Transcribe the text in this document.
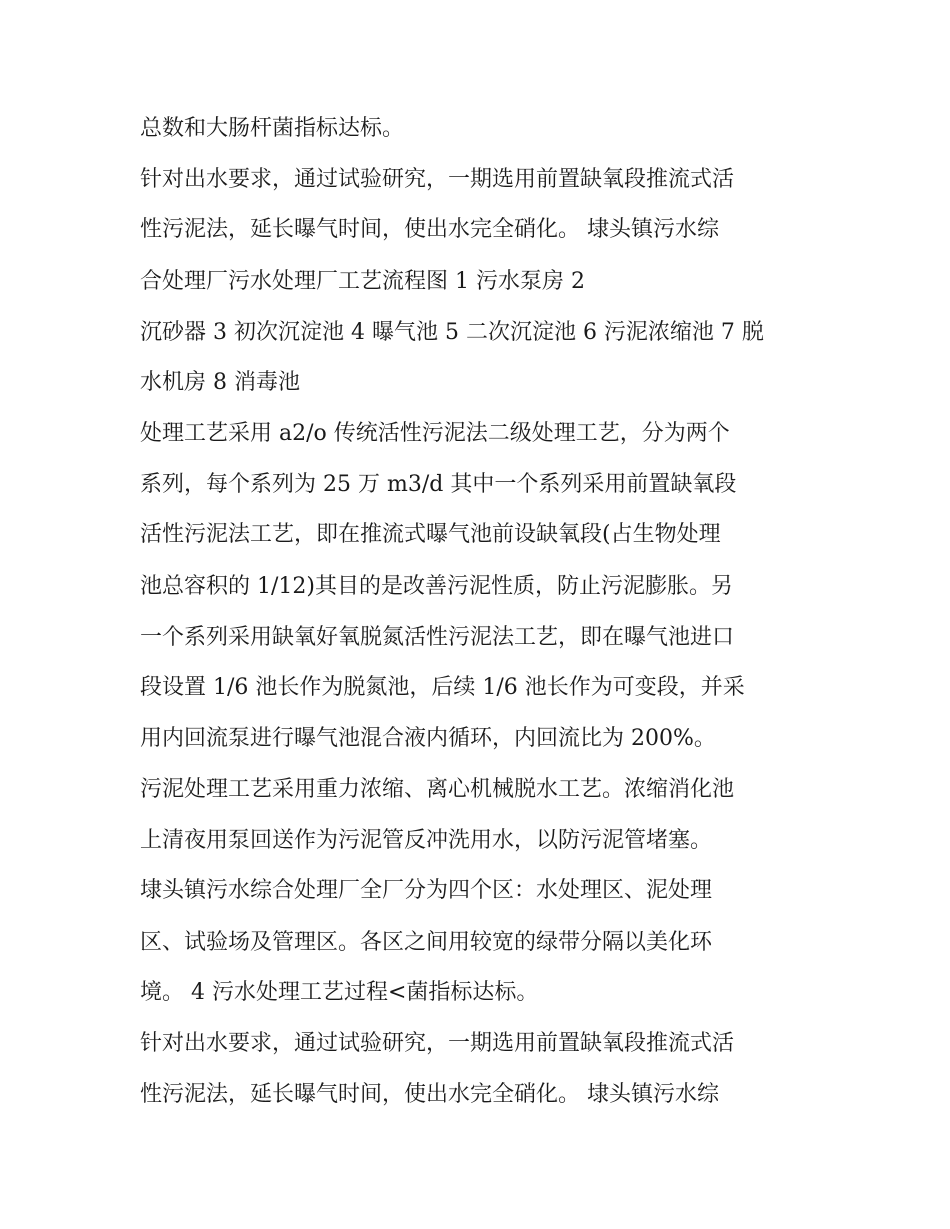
总数和大肠杆菌指标达标。
针对出水要求，通过试验研究，一期选用前置缺氧段推流式活
性污泥法，延长曝气时间，使出水完全硝化。 埭头镇污水综
合处理厂污水处理厂工艺流程图 1 污水泵房 2
沉砂器 3 初次沉淀池 4 曝气池 5 二次沉淀池 6 污泥浓缩池 7 脱
水机房 8 消毒池
处理工艺采用 a2/o 传统活性污泥法二级处理工艺，分为两个
系列，每个系列为 25 万 m3/d 其中一个系列采用前置缺氧段
活性污泥法工艺，即在推流式曝气池前设缺氧段(占生物处理
池总容积的 1/12)其目的是改善污泥性质，防止污泥膨胀。另
一个系列采用缺氧好氧脱氮活性污泥法工艺，即在曝气池进口
段设置 1/6 池长作为脱氮池，后续 1/6 池长作为可变段，并采
用内回流泵进行曝气池混合液内循环，内回流比为 200%。
污泥处理工艺采用重力浓缩、离心机械脱水工艺。浓缩消化池
上清夜用泵回送作为污泥管反冲洗用水，以防污泥管堵塞。
埭头镇污水综合处理厂全厂分为四个区：水处理区、泥处理
区、试验场及管理区。各区之间用较宽的绿带分隔以美化环
境。 4 污水处理工艺过程<菌指标达标。
针对出水要求，通过试验研究，一期选用前置缺氧段推流式活
性污泥法，延长曝气时间，使出水完全硝化。 埭头镇污水综
